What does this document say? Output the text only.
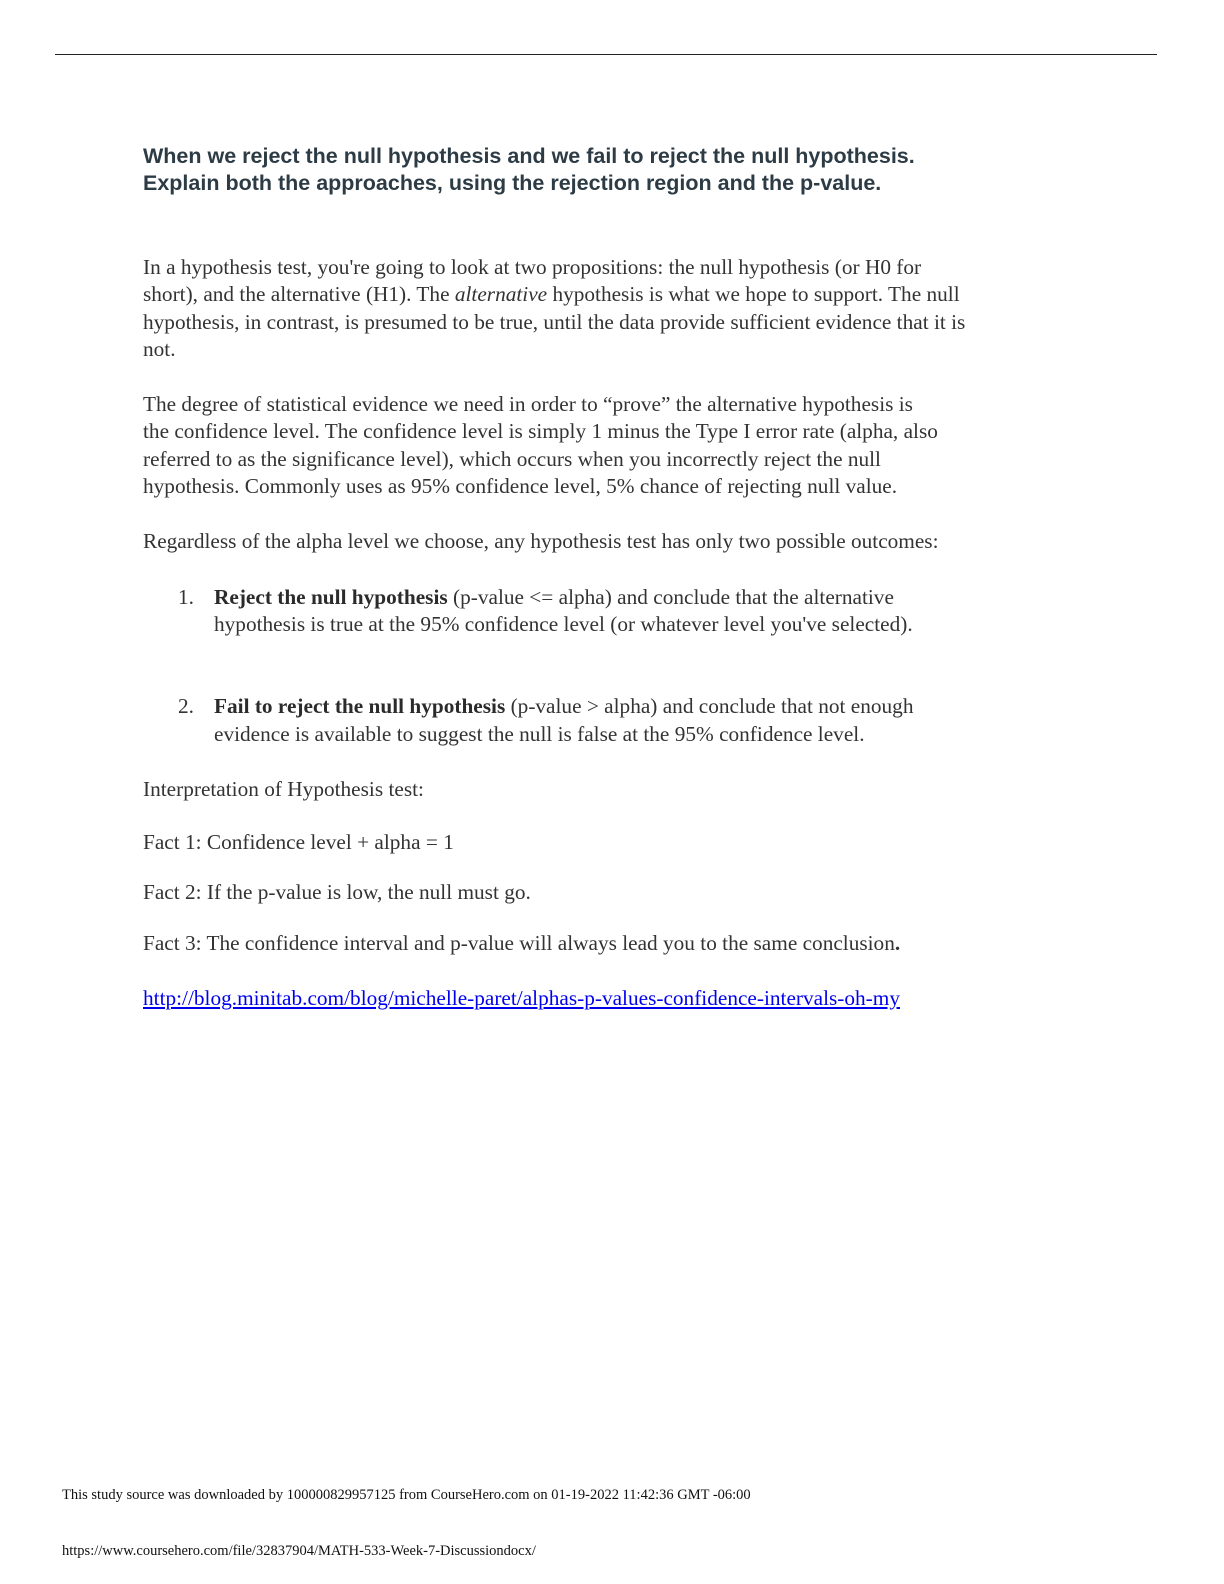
When we reject the null hypothesis and we fail to reject the null hypothesis.
Explain both the approaches, using the rejection region and the p-value.

In a hypothesis test, you're going to look at two propositions: the null hypothesis (or H0 for
short), and the alternative (H1). The alternative hypothesis is what we hope to support. The null
hypothesis, in contrast, is presumed to be true, until the data provide sufficient evidence that it is
not.

The degree of statistical evidence we need in order to “prove” the alternative hypothesis is
the confidence level. The confidence level is simply 1 minus the Type I error rate (alpha, also
referred to as the significance level), which occurs when you incorrectly reject the null
hypothesis. Commonly uses as 95% confidence level, 5% chance of rejecting null value.

Regardless of the alpha level we choose, any hypothesis test has only two possible outcomes:

1. Reject the null hypothesis (p-value <= alpha) and conclude that the alternative
hypothesis is true at the 95% confidence level (or whatever level you've selected).
2. Fail to reject the null hypothesis (p-value > alpha) and conclude that not enough
evidence is available to suggest the null is false at the 95% confidence level.

Interpretation of Hypothesis test:

Fact 1: Confidence level + alpha = 1

Fact 2: If the p-value is low, the null must go.

Fact 3: The confidence interval and p-value will always lead you to the same conclusion.

http://blog.minitab.com/blog/michelle-paret/alphas-p-values-confidence-intervals-oh-my
This study source was downloaded by 100000829957125 from CourseHero.com on 01-19-2022 11:42:36 GMT -06:00
https://www.coursehero.com/file/32837904/MATH-533-Week-7-Discussiondocx/
